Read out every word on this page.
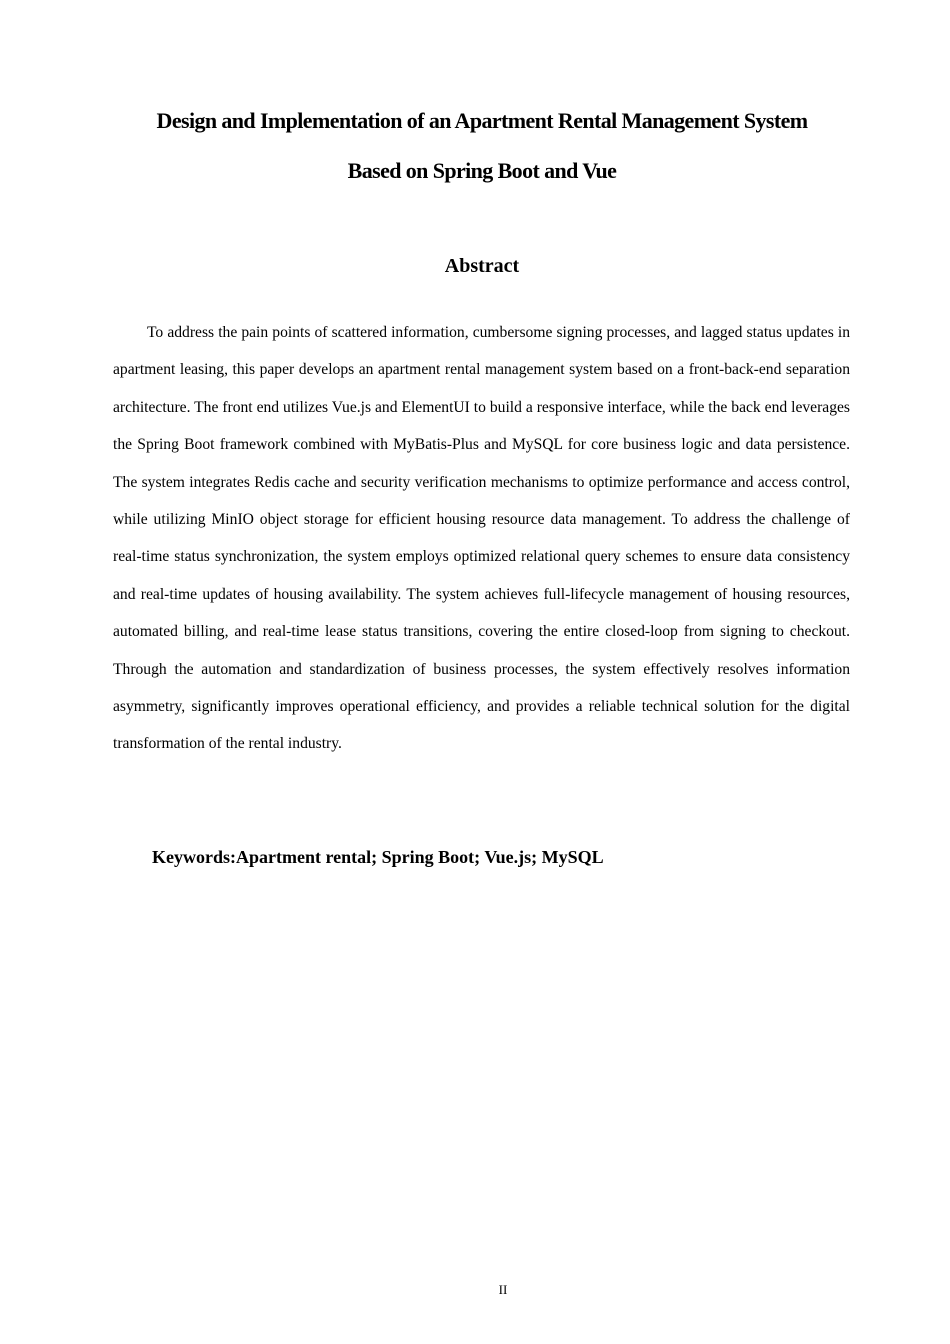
Design and Implementation of an Apartment Rental Management System

Based on Spring Boot and Vue

Abstract

To address the pain points of scattered information, cumbersome signing processes, and lagged status updates in apartment leasing, this paper develops an apartment rental management system based on a front-back-end separation architecture. The front end utilizes Vue.js and ElementUI to build a responsive interface, while the back end leverages the Spring Boot framework combined with MyBatis-Plus and MySQL for core business logic and data persistence. The system integrates Redis cache and security verification mechanisms to optimize performance and access control, while utilizing MinIO object storage for efficient housing resource data management. To address the challenge of real-time status synchronization, the system employs optimized relational query schemes to ensure data consistency and real-time updates of housing availability. The system achieves full-lifecycle management of housing resources, automated billing, and real-time lease status transitions, covering the entire closed-loop from signing to checkout. Through the automation and standardization of business processes, the system effectively resolves information asymmetry, significantly improves operational efficiency, and provides a reliable technical solution for the digital transformation of the rental industry.

Keywords:Apartment rental; Spring Boot; Vue.js; MySQL

II
